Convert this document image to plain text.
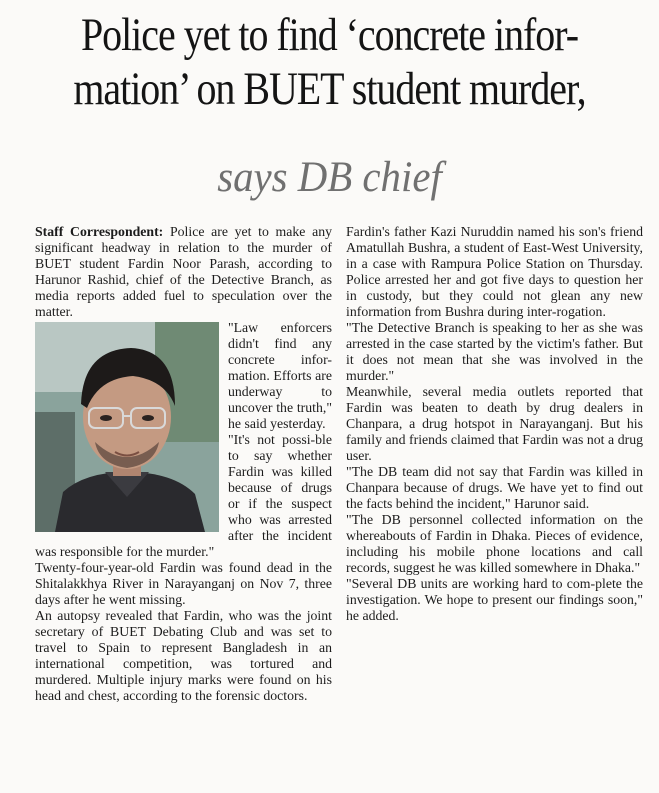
Police yet to find ‘concrete infor-
mation’ on BUET student murder,
says DB chief

Staff Correspondent: Police are yet to make any significant headway in relation to the murder of BUET student Fardin Noor Parash, according to Harunor Rashid, chief of the Detective Branch, as media reports added fuel to speculation over the matter.

"Law enforcers didn't find any concrete infor-mation. Efforts are underway to uncover the truth," he said yesterday.

"It's not possi-ble to say whether Fardin was killed because of drugs or if the suspect who was arrested after the incident was responsible for the murder."

Twenty-four-year-old Fardin was found dead in the Shitalakkhya River in Narayanganj on Nov 7, three days after he went missing.

An autopsy revealed that Fardin, who was the joint secretary of BUET Debating Club and was set to travel to Spain to represent Bangladesh in an international competition, was tortured and murdered. Multiple injury marks were found on his head and chest, according to the forensic doctors.

Fardin's father Kazi Nuruddin named his son's friend Amatullah Bushra, a student of East-West University, in a case with Rampura Police Station on Thursday. Police arrested her and got five days to question her in custody, but they could not glean any new information from Bushra during inter-rogation.

"The Detective Branch is speaking to her as she was arrested in the case started by the victim's father. But it does not mean that she was involved in the murder."

Meanwhile, several media outlets reported that Fardin was beaten to death by drug dealers in Chanpara, a drug hotspot in Narayanganj. But his family and friends claimed that Fardin was not a drug user.

"The DB team did not say that Fardin was killed in Chanpara because of drugs. We have yet to find out the facts behind the incident," Harunor said.

"The DB personnel collected information on the whereabouts of Fardin in Dhaka. Pieces of evidence, including his mobile phone locations and call records, suggest he was killed somewhere in Dhaka."

"Several DB units are working hard to com-plete the investigation. We hope to present our findings soon," he added.
